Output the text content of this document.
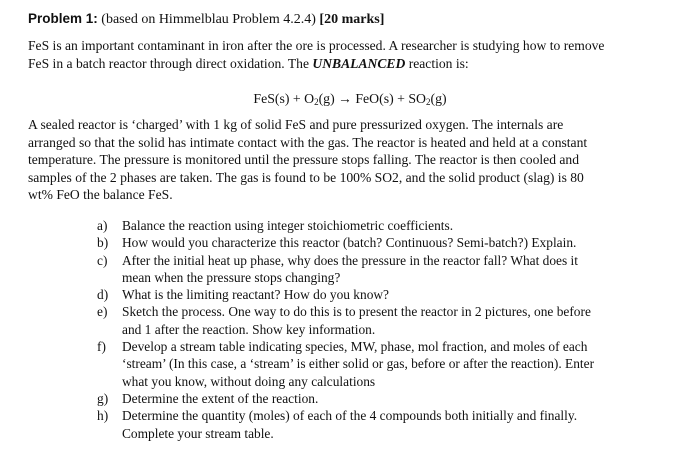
Problem 1: (based on Himmelblau Problem 4.2.4) [20 marks]

FeS is an important contaminant in iron after the ore is processed. A researcher is studying how to remove
FeS in a batch reactor through direct oxidation. The UNBALANCED reaction is:

$FeS(s) + O_2(g) \to FeO(s) + SO_2(g)$

A sealed reactor is ‘charged’ with 1 kg of solid FeS and pure pressurized oxygen. The internals are
arranged so that the solid has intimate contact with the gas. The reactor is heated and held at a constant
temperature. The pressure is monitored until the pressure stops falling. The reactor is then cooled and
samples of the 2 phases are taken. The gas is found to be 100% SO2, and the solid product (slag) is 80
wt% FeO the balance FeS.

a) Balance the reaction using integer stoichiometric coefficients.
b) How would you characterize this reactor (batch? Continuous? Semi-batch?) Explain.
c) After the initial heat up phase, why does the pressure in the reactor fall? What does it
mean when the pressure stops changing?
d) What is the limiting reactant? How do you know?
e) Sketch the process. One way to do this is to present the reactor in 2 pictures, one before
and 1 after the reaction. Show key information.
f) Develop a stream table indicating species, MW, phase, mol fraction, and moles of each
‘stream’ (In this case, a ‘stream’ is either solid or gas, before or after the reaction). Enter
what you know, without doing any calculations
g) Determine the extent of the reaction.
h) Determine the quantity (moles) of each of the 4 compounds both initially and finally.
Complete your stream table.
